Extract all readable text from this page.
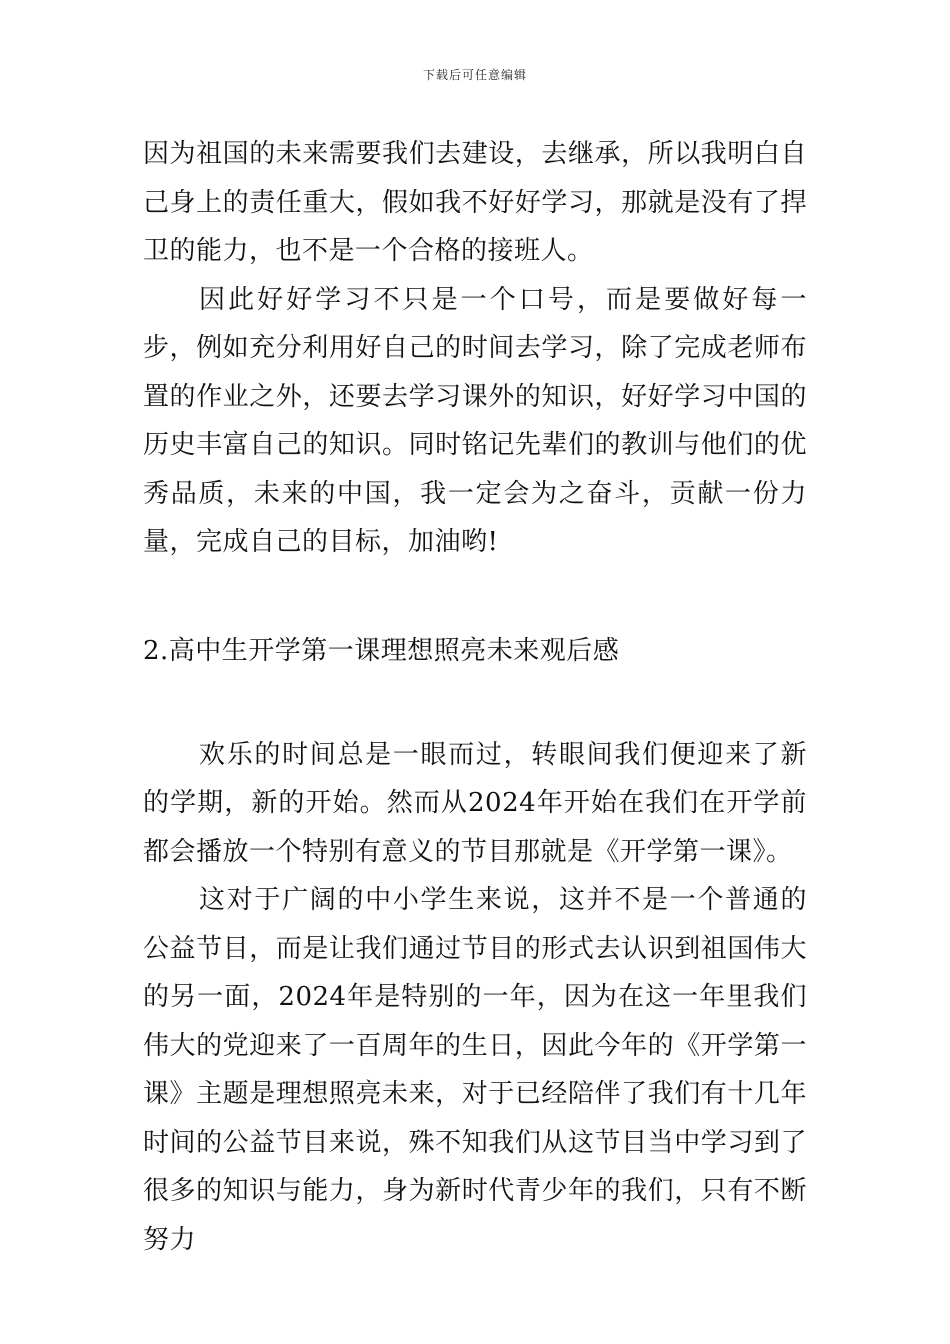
下载后可任意编辑

因为祖国的未来需要我们去建设，去继承，所以我明白自己身上的责任重大，假如我不好好学习，那就是没有了捍卫的能力，也不是一个合格的接班人。

因此好好学习不只是一个口号，而是要做好每一步，例如充分利用好自己的时间去学习，除了完成老师布置的作业之外，还要去学习课外的知识，好好学习中国的历史丰富自己的知识。同时铭记先辈们的教训与他们的优秀品质，未来的中国，我一定会为之奋斗，贡献一份力量，完成自己的目标，加油哟!

2.高中生开学第一课理想照亮未来观后感

欢乐的时间总是一眼而过，转眼间我们便迎来了新的学期，新的开始。然而从2024年开始在我们在开学前都会播放一个特别有意义的节目那就是《开学第一课》。

这对于广阔的中小学生来说，这并不是一个普通的公益节目，而是让我们通过节目的形式去认识到祖国伟大的另一面，2024年是特别的一年，因为在这一年里我们伟大的党迎来了一百周年的生日，因此今年的《开学第一课》主题是理想照亮未来，对于已经陪伴了我们有十几年时间的公益节目来说，殊不知我们从这节目当中学习到了很多的知识与能力，身为新时代青少年的我们，只有不断努力
